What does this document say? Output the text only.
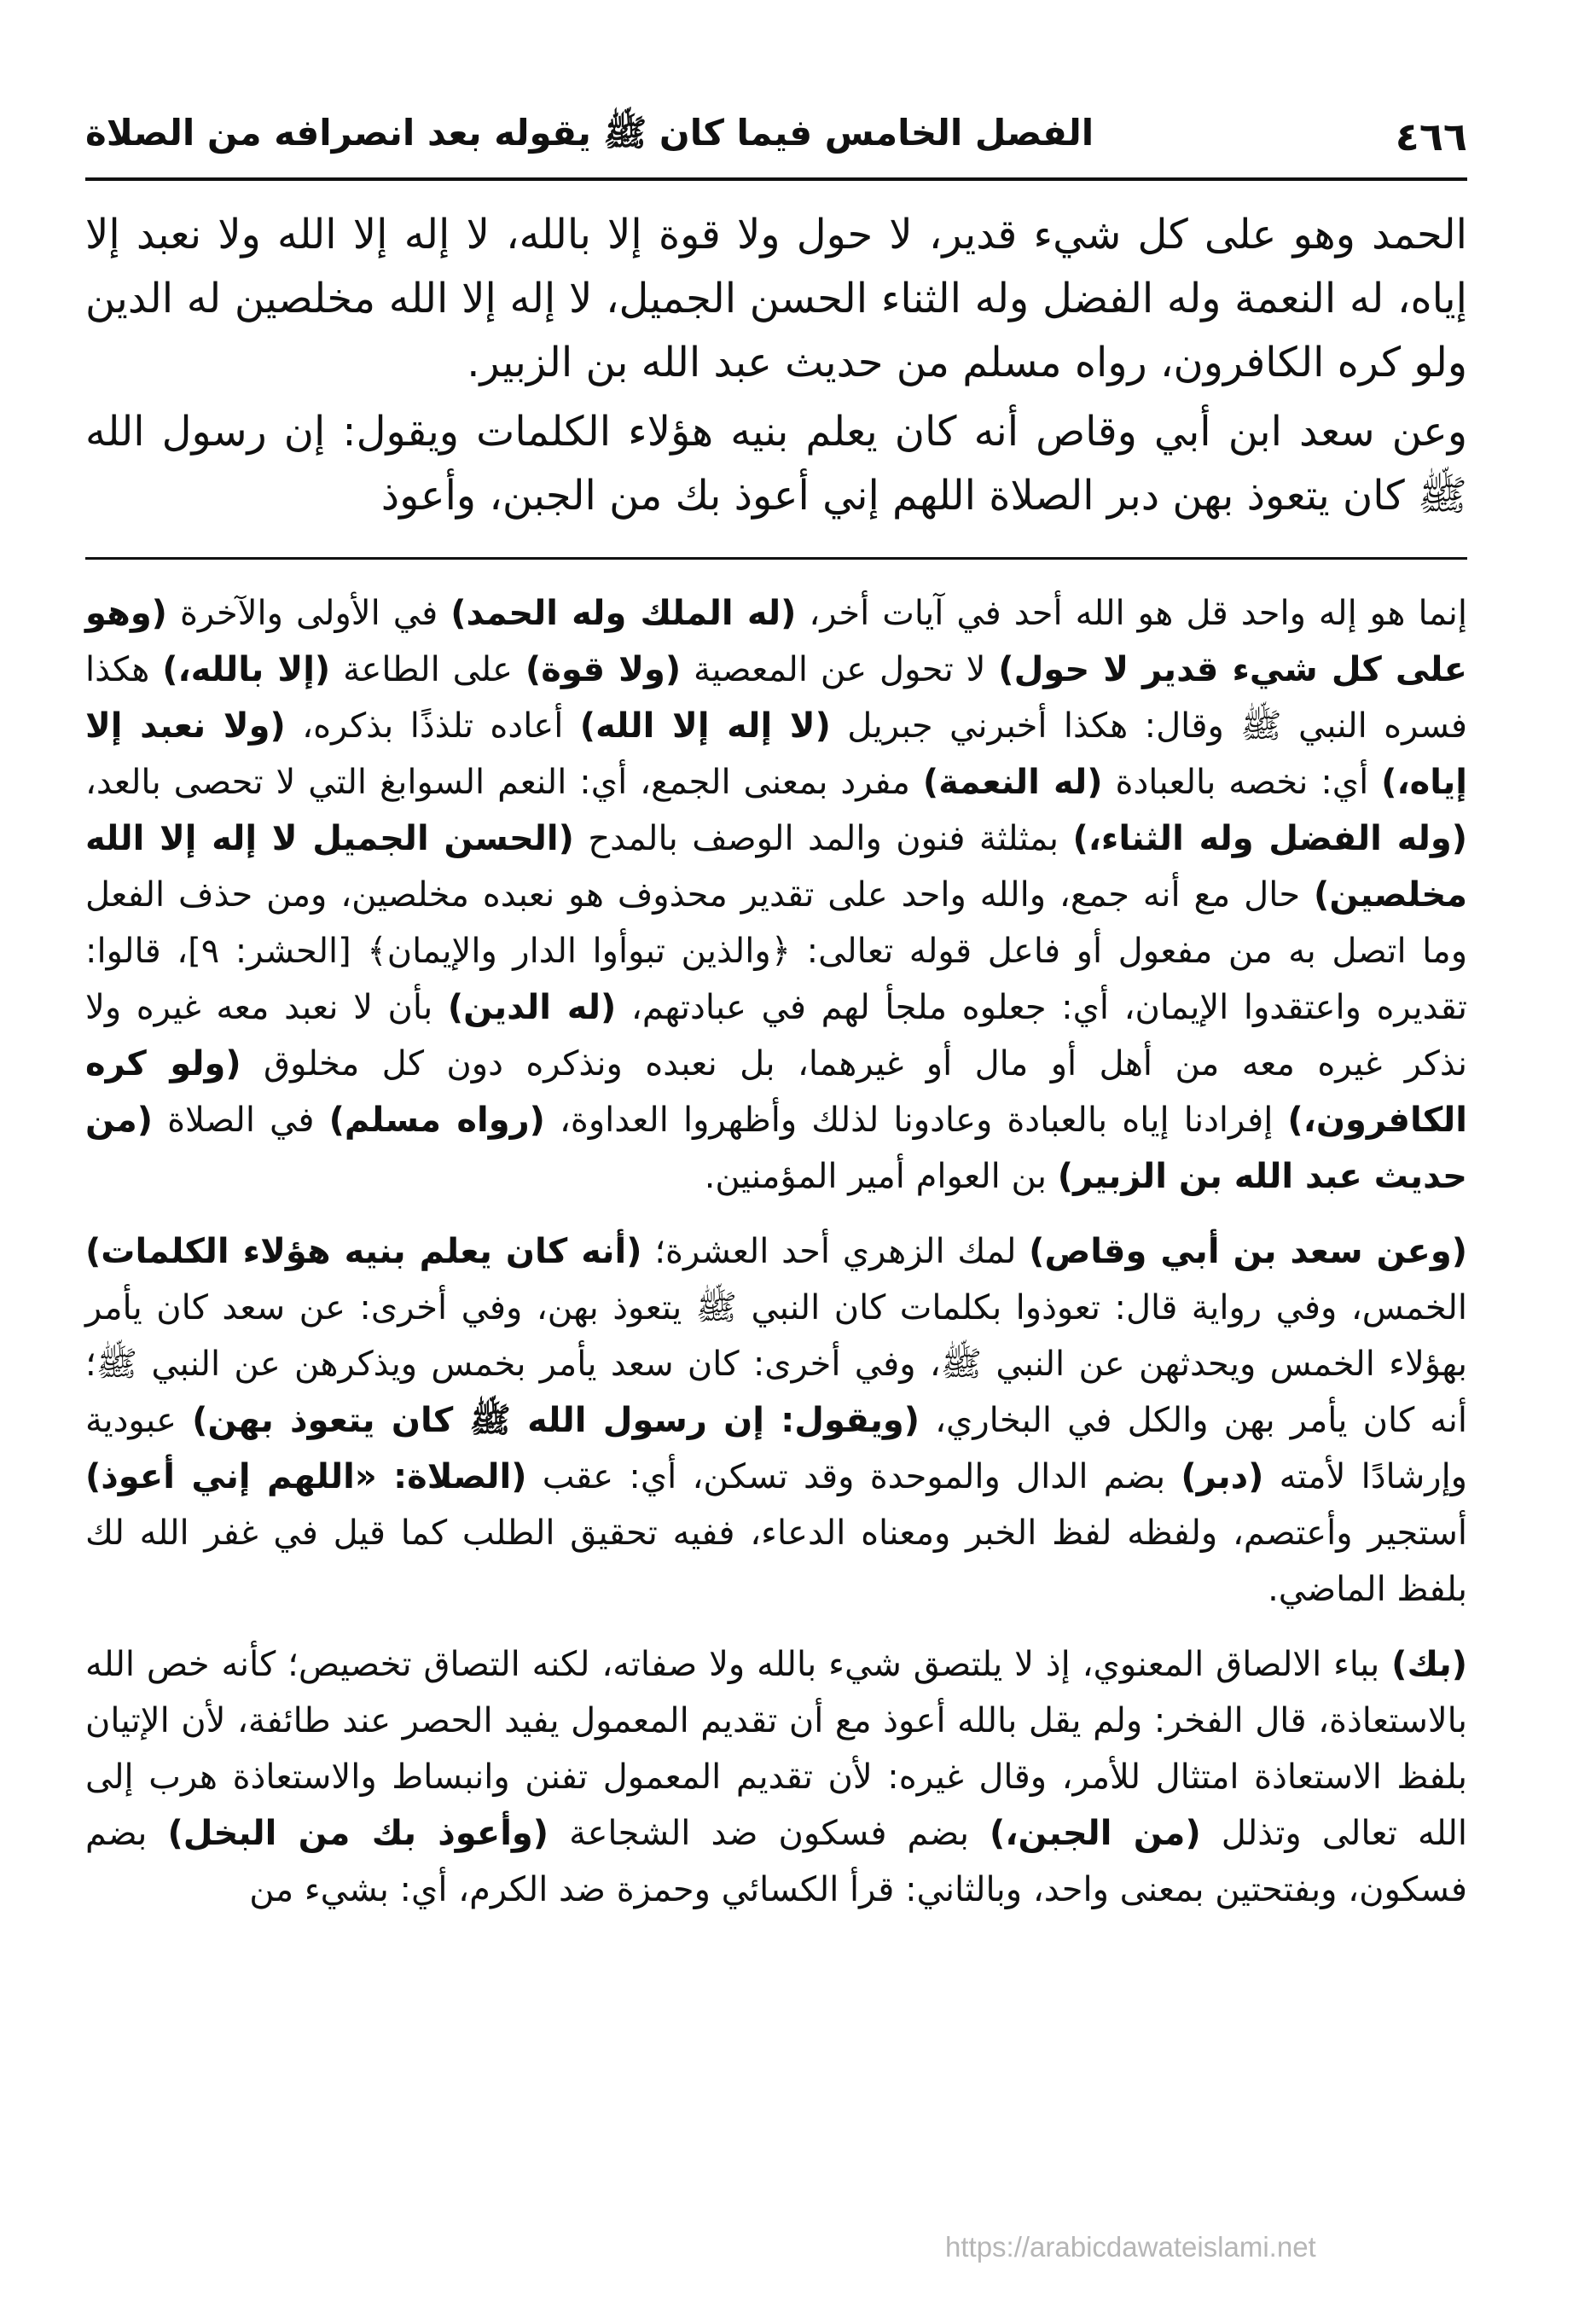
٤٦٦
الفصل الخامس فيما كان ﷺ يقوله بعد انصرافه من الصلاة

الحمد وهو على كل شيء قدير، لا حول ولا قوة إلا بالله، لا إله إلا الله ولا نعبد إلا إياه، له النعمة وله الفضل وله الثناء الحسن الجميل، لا إله إلا الله مخلصين له الدين ولو كره الكافرون، رواه مسلم من حديث عبد الله بن الزبير.

وعن سعد ابن أبي وقاص أنه كان يعلم بنيه هؤلاء الكلمات ويقول: إن رسول الله ﷺ كان يتعوذ بهن دبر الصلاة اللهم إني أعوذ بك من الجبن، وأعوذ

إنما هو إله واحد قل هو الله أحد في آيات أخر، (له الملك وله الحمد) في الأولى والآخرة (وهو على كل شيء قدير لا حول) لا تحول عن المعصية (ولا قوة) على الطاعة (إلا بالله،) هكذا فسره النبي ﷺ وقال: هكذا أخبرني جبريل (لا إله إلا الله) أعاده تلذذًا بذكره، (ولا نعبد إلا إياه،) أي: نخصه بالعبادة (له النعمة) مفرد بمعنى الجمع، أي: النعم السوابغ التي لا تحصى بالعد، (وله الفضل وله الثناء،) بمثلثة فنون والمد الوصف بالمدح (الحسن الجميل لا إله إلا الله مخلصين) حال مع أنه جمع، والله واحد على تقدير محذوف هو نعبده مخلصين، ومن حذف الفعل وما اتصل به من مفعول أو فاعل قوله تعالى: ﴿والذين تبوأوا الدار والإيمان﴾ [الحشر: ٩]، قالوا: تقديره واعتقدوا الإيمان، أي: جعلوه ملجأ لهم في عبادتهم، (له الدين) بأن لا نعبد معه غيره ولا نذكر غيره معه من أهل أو مال أو غيرهما، بل نعبده ونذكره دون كل مخلوق (ولو كره الكافرون،) إفرادنا إياه بالعبادة وعادونا لذلك وأظهروا العداوة، (رواه مسلم) في الصلاة (من حديث عبد الله بن الزبير) بن العوام أمير المؤمنين.

(وعن سعد بن أبي وقاص) لمك الزهري أحد العشرة؛ (أنه كان يعلم بنيه هؤلاء الكلمات) الخمس، وفي رواية قال: تعوذوا بكلمات كان النبي ﷺ يتعوذ بهن، وفي أخرى: عن سعد كان يأمر بهؤلاء الخمس ويحدثهن عن النبي ﷺ، وفي أخرى: كان سعد يأمر بخمس ويذكرهن عن النبي ﷺ؛ أنه كان يأمر بهن والكل في البخاري، (ويقول: إن رسول الله ﷺ كان يتعوذ بهن) عبودية وإرشادًا لأمته (دبر) بضم الدال والموحدة وقد تسكن، أي: عقب (الصلاة: «اللهم إني أعوذ) أستجير وأعتصم، ولفظه لفظ الخبر ومعناه الدعاء، ففيه تحقيق الطلب كما قيل في غفر الله لك بلفظ الماضي.

(بك) بباء الالصاق المعنوي، إذ لا يلتصق شيء بالله ولا صفاته، لكنه التصاق تخصيص؛ كأنه خص الله بالاستعاذة، قال الفخر: ولم يقل بالله أعوذ مع أن تقديم المعمول يفيد الحصر عند طائفة، لأن الإتيان بلفظ الاستعاذة امتثال للأمر، وقال غيره: لأن تقديم المعمول تفنن وانبساط والاستعاذة هرب إلى الله تعالى وتذلل (من الجبن،) بضم فسكون ضد الشجاعة (وأعوذ بك من البخل) بضم فسكون، وبفتحتين بمعنى واحد، وبالثاني: قرأ الكسائي وحمزة ضد الكرم، أي: بشيء من

https://arabicdawateislami.net
